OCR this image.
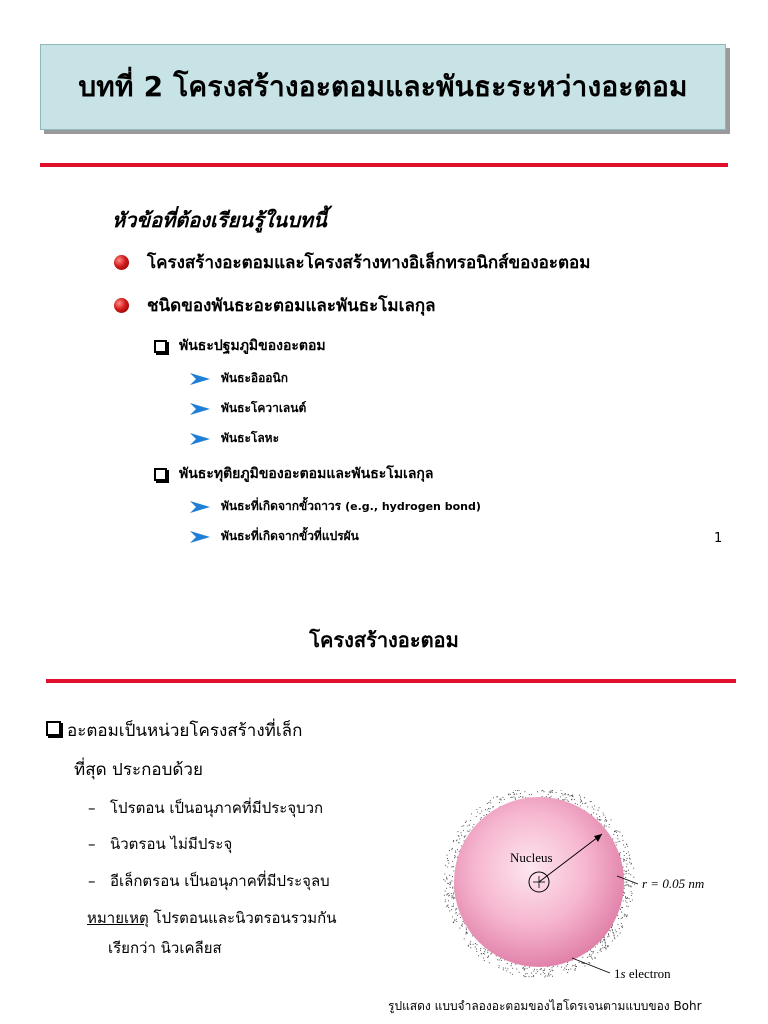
บทที่ 2 โครงสร้างอะตอมและพันธะระหว่างอะตอม
หัวข้อที่ต้องเรียนรู้ในบทนี้
โครงสร้างอะตอมและโครงสร้างทางอิเล็กทรอนิกส์ของอะตอม
ชนิดของพันธะอะตอมและพันธะโมเลกุล
พันธะปฐมภูมิของอะตอม
พันธะอิออนิก
พันธะโควาเลนต์
พันธะโลหะ
พันธะทุติยภูมิของอะตอมและพันธะโมเลกุล
พันธะที่เกิดจากขั้วถาวร (e.g., hydrogen bond)
พันธะที่เกิดจากขั้วที่แปรผัน	1
โครงสร้างอะตอม
อะตอมเป็นหน่วยโครงสร้างที่เล็ก
ที่สุด ประกอบด้วย
– โปรตอน เป็นอนุภาคที่มีประจุบวก
– นิวตรอน ไม่มีประจุ
– อีเล็กตรอน เป็นอนุภาคที่มีประจุลบ
หมายเหตุ โปรตอนและนิวตรอนรวมกัน
เรียกว่า นิวเคลียส
Nucleus
r = 0.05 nm
1s electron
รูปแสดง แบบจำลองอะตอมของไฮโดรเจนตามแบบของ Bohr
